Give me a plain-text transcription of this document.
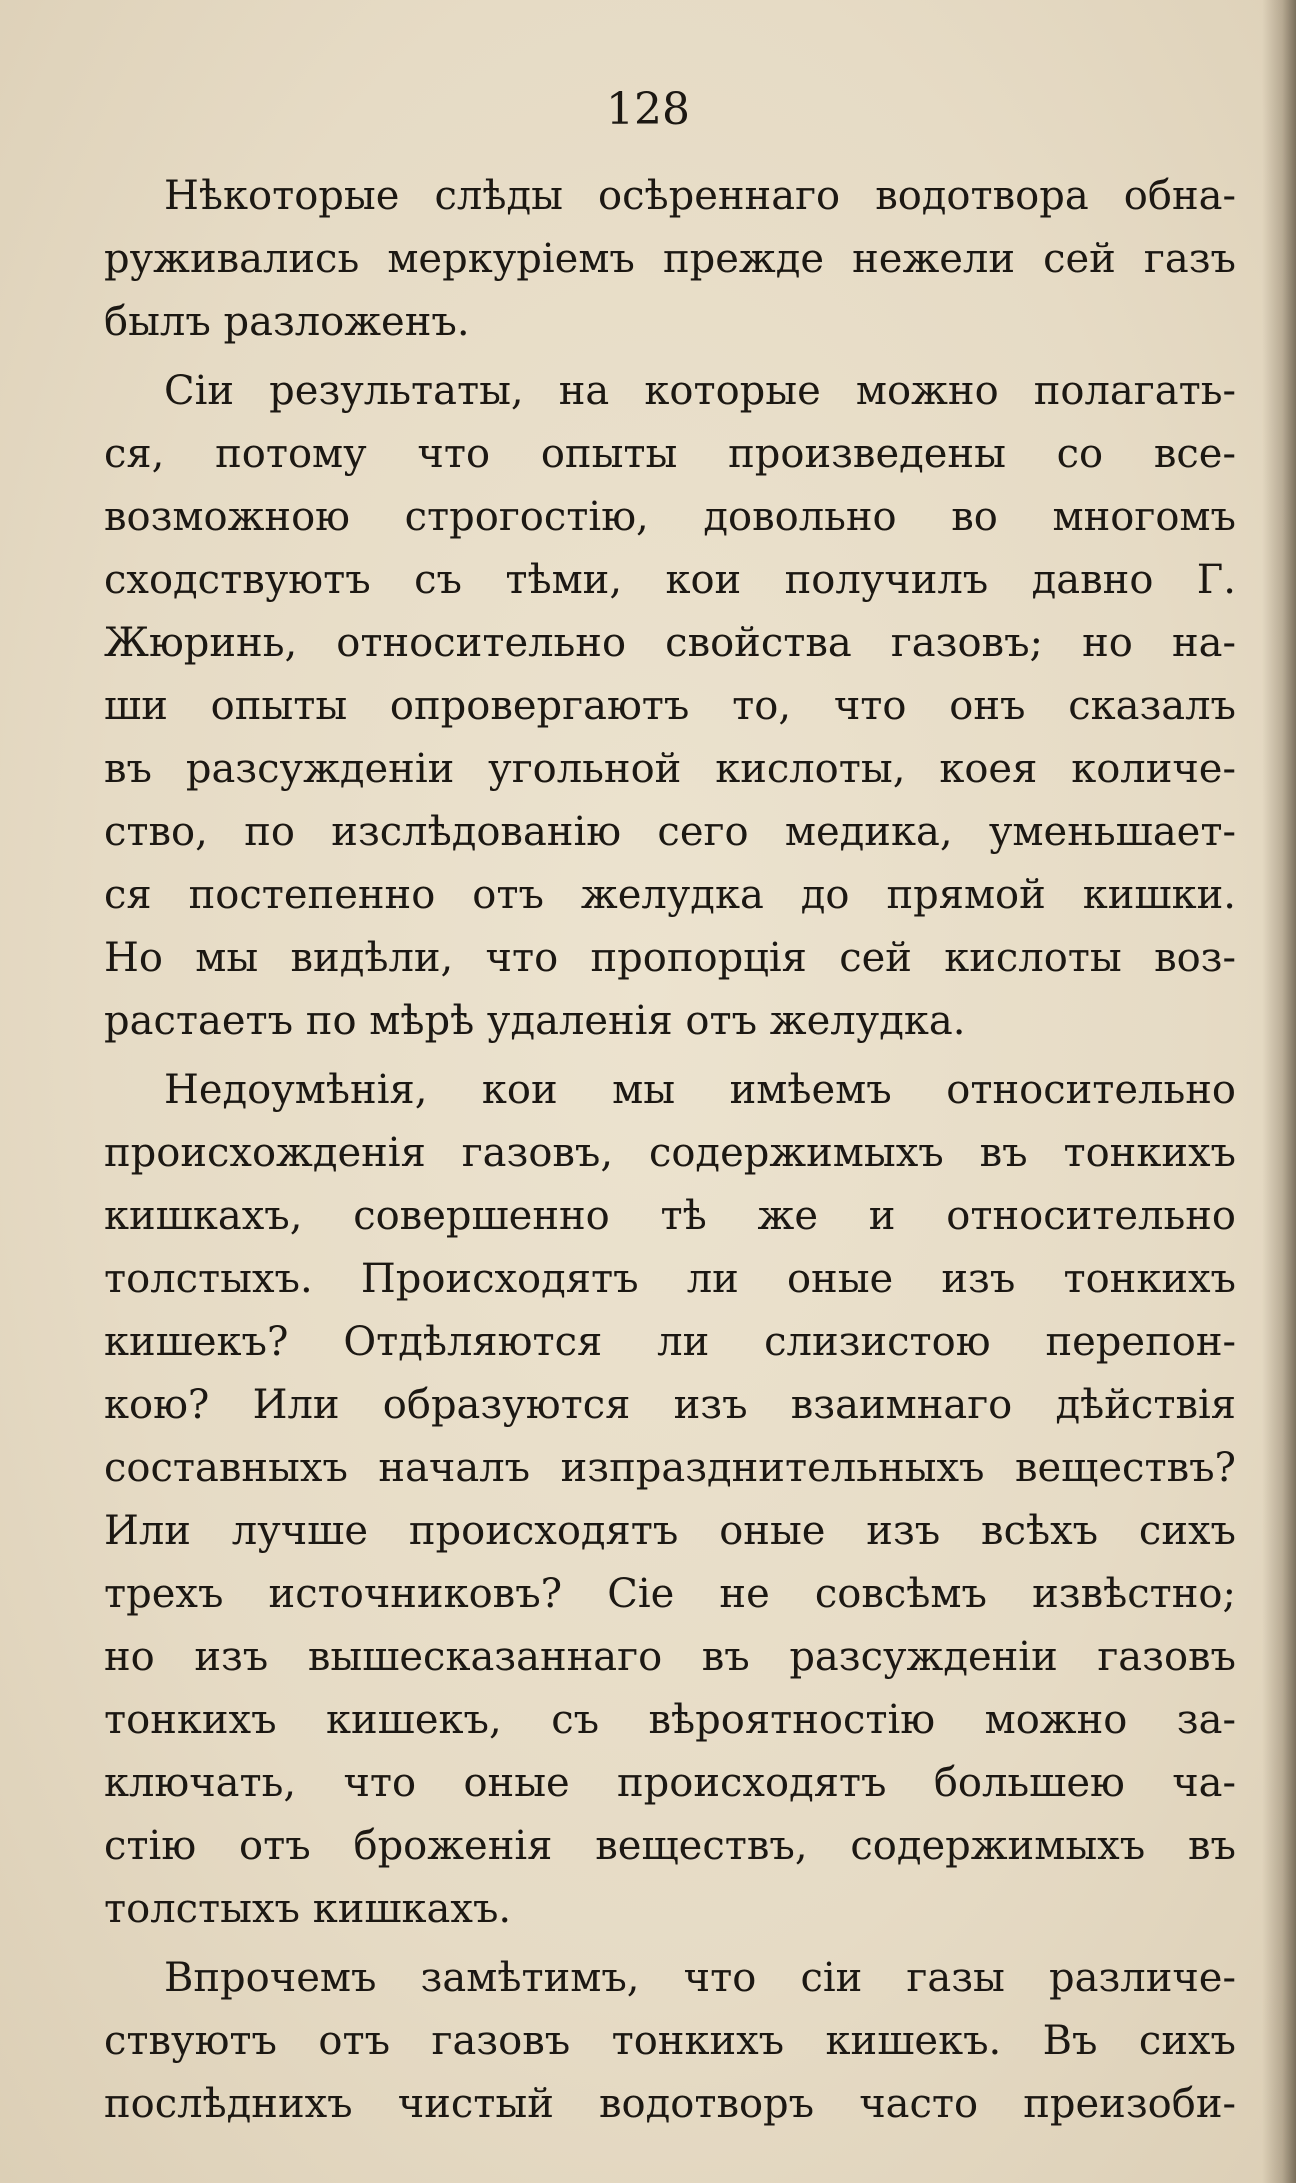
128
Нѣкоторые слѣды осѣреннаго водотвора обна-
руживались меркуріемъ прежде нежели сей газъ
былъ разложенъ.
Сіи результаты, на которые можно полагать-
ся, потому что опыты произведены со все-
возможною строгостію, довольно во многомъ
сходствуютъ съ тѣми, кои получилъ давно Г.
Жюринь, относительно свойства газовъ; но на-
ши опыты опровергаютъ то, что онъ сказалъ
въ разсужденіи угольной кислоты, коея количе-
ство, по изслѣдованію сего медика, уменьшает-
ся постепенно отъ желудка до прямой кишки.
Но мы видѣли, что пропорція сей кислоты воз-
растаетъ по мѣрѣ удаленія отъ желудка.
Недоумѣнія, кои мы имѣемъ относительно
происхожденія газовъ, содержимыхъ въ тонкихъ
кишкахъ, совершенно тѣ же и относительно
толстыхъ. Происходятъ ли оные изъ тонкихъ
кишекъ? Отдѣляются ли слизистою перепон-
кою? Или образуются изъ взаимнаго дѣйствія
составныхъ началъ изпразднительныхъ веществъ?
Или лучше происходятъ оные изъ всѣхъ сихъ
трехъ источниковъ? Сіе не совсѣмъ извѣстно;
но изъ вышесказаннаго въ разсужденіи газовъ
тонкихъ кишекъ, съ вѣроятностію можно за-
ключать, что оные происходятъ большею ча-
стію отъ броженія веществъ, содержимыхъ въ
толстыхъ кишкахъ.
Впрочемъ замѣтимъ, что сіи газы различе-
ствуютъ отъ газовъ тонкихъ кишекъ. Въ сихъ
послѣднихъ чистый водотворъ часто преизоби-
